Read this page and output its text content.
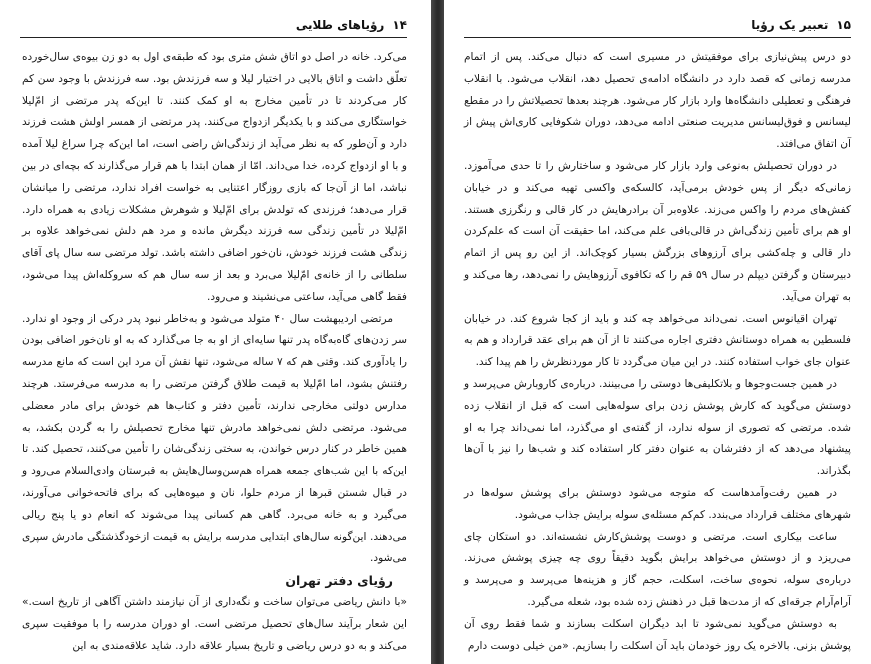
۱۴
رؤیاهای طلایی

می‌کرد. خانه در اصل دو اتاق شش متری بود که طبقه‌ی اول به دو زن بیوه‌ی سال‌خورده تعلّق داشت و اتاق بالایی در اختیار لیلا و سه فرزندش بود. سه فرزندش با وجود سن کم کار می‌کردند تا در تأمین مخارج به او کمک کنند. تا این‌که پدر مرتضی از امّ‌لیلا خواستگاری می‌کند و با یکدیگر ازدواج می‌کنند. پدر مرتضی از همسر اولش هشت فرزند دارد و آن‌طور که به نظر می‌آید از زندگی‌اش راضی است، اما این‌که چرا سراغ لیلا آمده و با او ازدواج کرده، خدا می‌داند. امّا از همان ابتدا با هم قرار می‌گذارند که بچه‌ای در بین نباشد، اما از آن‌جا که بازی روزگار اعتنایی به خواست افراد ندارد، مرتضی را میانشان قرار می‌دهد؛ فرزندی که تولدش برای امّ‌لیلا و شوهرش مشکلات زیادی به همراه دارد. امّ‌لیلا در تأمین زندگی سه فرزند دیگرش مانده و مرد هم دلش نمی‌خواهد علاوه بر زندگی هشت فرزند خودش، نان‌خور اضافی داشته باشد. تولد مرتضی سه سال پای آقای سلطانی را از خانه‌ی امّ‌لیلا می‌برد و بعد از سه سال هم که سروکله‌اش پیدا می‌شود، فقط گاهی می‌آید، ساعتی می‌نشیند و می‌رود.

مرتضی اردیبهشت سال ۴۰ متولد می‌شود و به‌خاطر نبود پدر درکی از وجود او ندارد. سر زدن‌های گاه‌به‌گاه پدر تنها سایه‌ای از او به جا می‌گذارد که به او نان‌خور اضافی بودن را یادآوری کند. وقتی هم که ۷ ساله می‌شود، تنها نقش آن مرد این است که مانع مدرسه رفتنش بشود، اما امّ‌لیلا به قیمت طلاق گرفتن مرتضی را به مدرسه می‌فرستد. هرچند مدارس دولتی مخارجی ندارند، تأمین دفتر و کتاب‌ها هم خودش برای مادر معضلی می‌شود. مرتضی دلش نمی‌خواهد مادرش تنها مخارج تحصیلش را به گردن بکشد، به همین خاطر در کنار درس خواندن، به سختی زندگی‌شان را تأمین می‌کنند، تحصیل کند. تا این‌که با این شب‌های جمعه همراه هم‌سن‌وسال‌هایش به قبرستان وادی‌السلام می‌رود و در قبال شستن قبرها از مردم حلوا، نان و میوه‌هایی که برای فاتحه‌خوانی می‌آورند، می‌گیرد و به خانه می‌برد. گاهی هم کسانی پیدا می‌شوند که انعام دو یا پنج ریالی می‌دهند. این‌گونه سال‌های ابتدایی مدرسه برایش به قیمت ازخودگذشتگی مادرش سپری می‌شود.

رؤیای دفتر تهران

«با دانش ریاضی می‌توان ساخت و نگه‌داری از آن نیازمند داشتن آگاهی از تاریخ است.» این شعار برآیند سال‌های تحصیل مرتضی است. او دوران مدرسه را با موفقیت سپری می‌کند و به دو درس ریاضی و تاریخ بسیار علاقه دارد. شاید علاقه‌مندی به این

۱۵
تعبیر یک رؤیا

دو درس پیش‌نیازی برای موفقیتش در مسیری است که دنبال می‌کند. پس از اتمام مدرسه زمانی که قصد دارد در دانشگاه ادامه‌ی تحصیل دهد، انقلاب می‌شود. با انقلاب فرهنگی و تعطیلی دانشگاه‌ها وارد بازار کار می‌شود. هرچند بعدها تحصیلاتش را در مقطع لیسانس و فوق‌لیسانس مدیریت صنعتی ادامه می‌دهد، دوران شکوفایی کاری‌اش پیش از آن اتفاق می‌افتد.

در دوران تحصیلش به‌نوعی وارد بازار کار می‌شود و ساختارش را تا حدی می‌آموزد. زمانی‌که دیگر از پس خودش برمی‌آید، کالسکه‌ی واکسی تهیه می‌کند و در خیابان کفش‌های مردم را واکس می‌زند. علاوه‌بر آن برادرهایش در کار قالی و رنگرزی هستند. او هم برای تأمین زندگی‌اش در قالی‌بافی علم می‌کند، اما حقیقت آن است که علم‌کردن دار قالی و چله‌کشی برای آرزوهای بزرگش بسیار کوچک‌اند. از این رو پس از اتمام دبیرستان و گرفتن دیپلم در سال ۵۹ قم را که تکافوی آرزوهایش را نمی‌دهد، رها می‌کند و به تهران می‌آید.

تهران اقیانوس است. نمی‌داند می‌خواهد چه کند و باید از کجا شروع کند. در خیابان فلسطین به همراه دوستانش دفتری اجاره می‌کنند تا از آن هم برای عقد قرارداد و هم به عنوان جای خواب استفاده کنند. در این میان می‌گردد تا کار موردنظرش را هم پیدا کند.

در همین جست‌وجوها و بلاتکلیفی‌ها دوستی را می‌بینند. درباره‌ی کاروبارش می‌پرسد و دوستش می‌گوید که کارش پوشش زدن برای سوله‌هایی است که قبل از انقلاب زده شده. مرتضی که تصوری از سوله ندارد، از گفته‌ی او می‌گذرد، اما نمی‌داند چرا به او پیشنهاد می‌دهد که از دفترشان به عنوان دفتر کار استفاده کند و شب‌ها را نیز با آن‌ها بگذراند.

در همین رفت‌وآمدهاست که متوجه می‌شود دوستش برای پوشش سوله‌ها در شهرهای مختلف قرارداد می‌بندد. کم‌کم مسئله‌ی سوله برایش جذاب می‌شود.

ساعت بیکاری است. مرتضی و دوست پوشش‌کارش نشسته‌اند. دو استکان چای می‌ریزد و از دوستش می‌خواهد برایش بگوید دقیقاً روی چه چیزی پوشش می‌زند. درباره‌ی سوله، نحوه‌ی ساخت، اسکلت، حجم گاز و هزینه‌ها می‌پرسد و می‌پرسد و آرام‌آرام جرقه‌ای که از مدت‌ها قبل در ذهنش زده شده بود، شعله می‌گیرد.

به دوستش می‌گوید نمی‌شود تا ابد دیگران اسکلت بسازند و شما فقط روی آن پوشش بزنی. بالاخره یک روز خودمان باید آن اسکلت را بسازیم. «من خیلی دوست دارم
